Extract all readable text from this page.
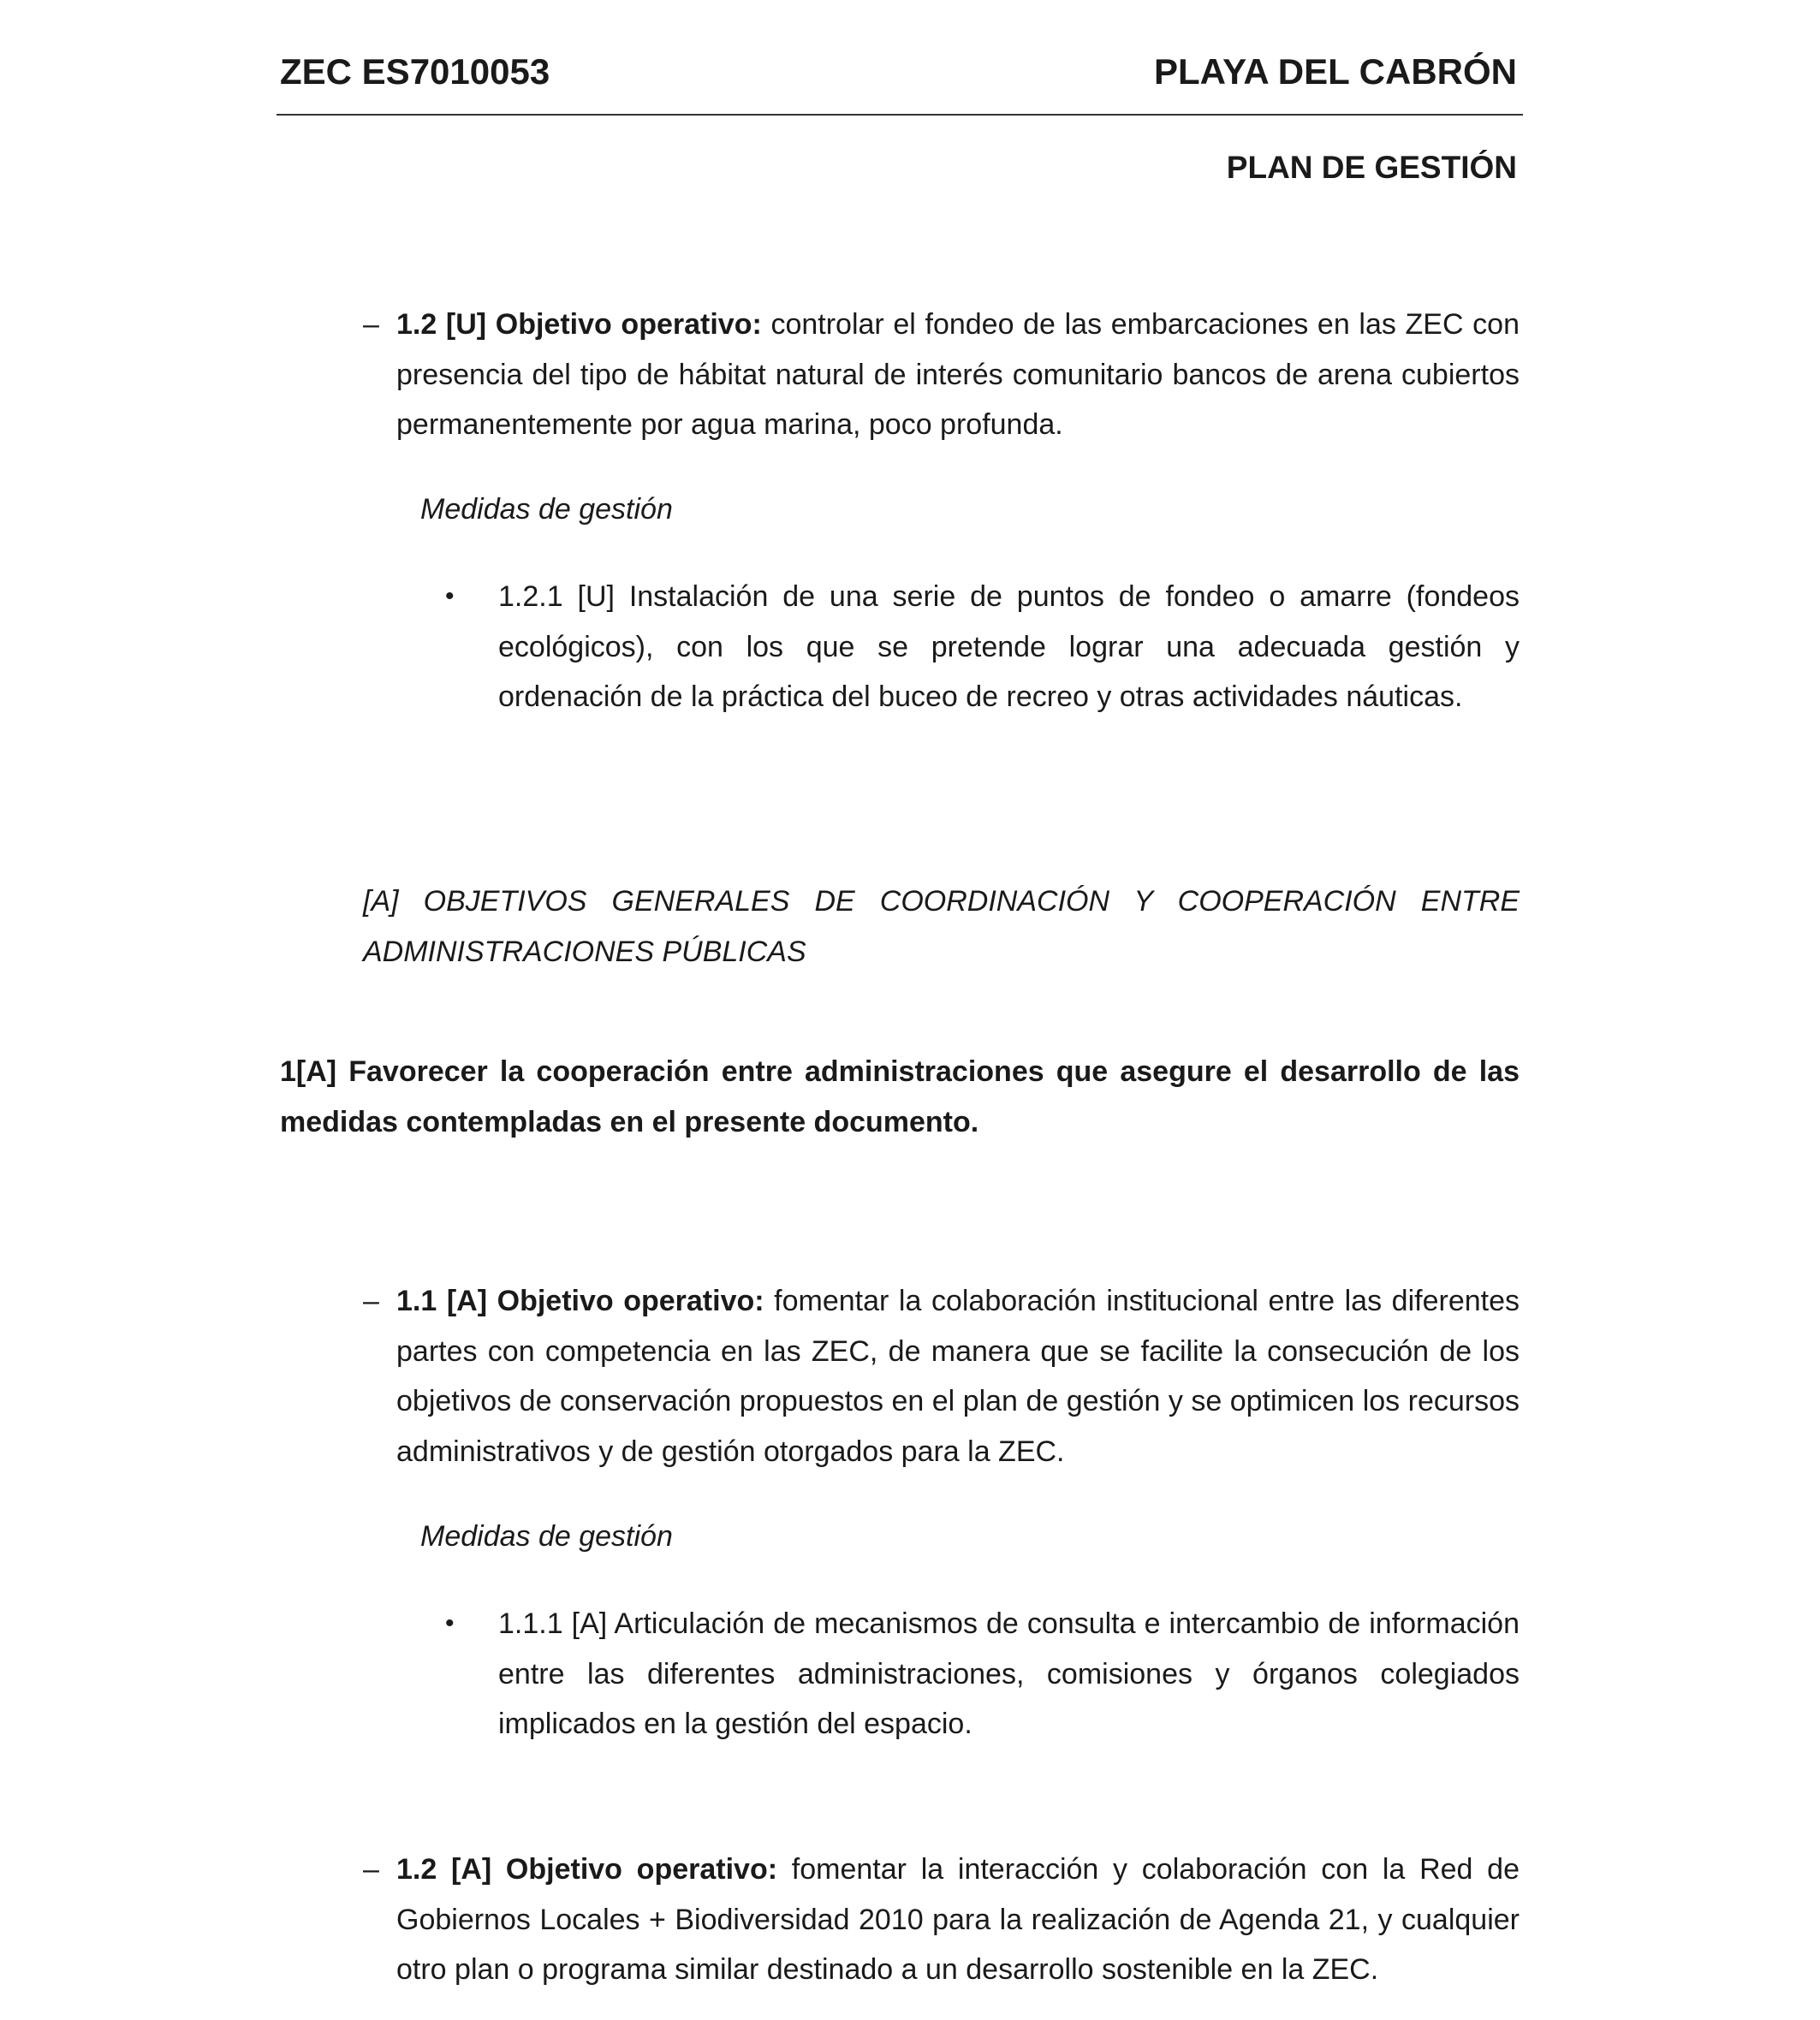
ZEC ES7010053	PLAYA DEL CABRÓN
PLAN DE GESTIÓN
– 1.2 [U] Objetivo operativo: controlar el fondeo de las embarcaciones en las ZEC con presencia del tipo de hábitat natural de interés comunitario bancos de arena cubiertos permanentemente por agua marina, poco profunda.

Medidas de gestión

• 1.2.1 [U] Instalación de una serie de puntos de fondeo o amarre (fondeos ecológicos), con los que se pretende lograr una adecuada gestión y ordenación de la práctica del buceo de recreo y otras actividades náuticas.

[A] OBJETIVOS GENERALES DE COORDINACIÓN Y COOPERACIÓN ENTRE ADMINISTRACIONES PÚBLICAS

1[A] Favorecer la cooperación entre administraciones que asegure el desarrollo de las medidas contempladas en el presente documento.

– 1.1 [A] Objetivo operativo: fomentar la colaboración institucional entre las diferentes partes con competencia en las ZEC, de manera que se facilite la consecución de los objetivos de conservación propuestos en el plan de gestión y se optimicen los recursos administrativos y de gestión otorgados para la ZEC.

Medidas de gestión

• 1.1.1 [A] Articulación de mecanismos de consulta e intercambio de información entre las diferentes administraciones, comisiones y órganos colegiados implicados en la gestión del espacio.

– 1.2 [A] Objetivo operativo: fomentar la interacción y colaboración con la Red de Gobiernos Locales + Biodiversidad 2010 para la realización de Agenda 21, y cualquier otro plan o programa similar destinado a un desarrollo sostenible en la ZEC.
